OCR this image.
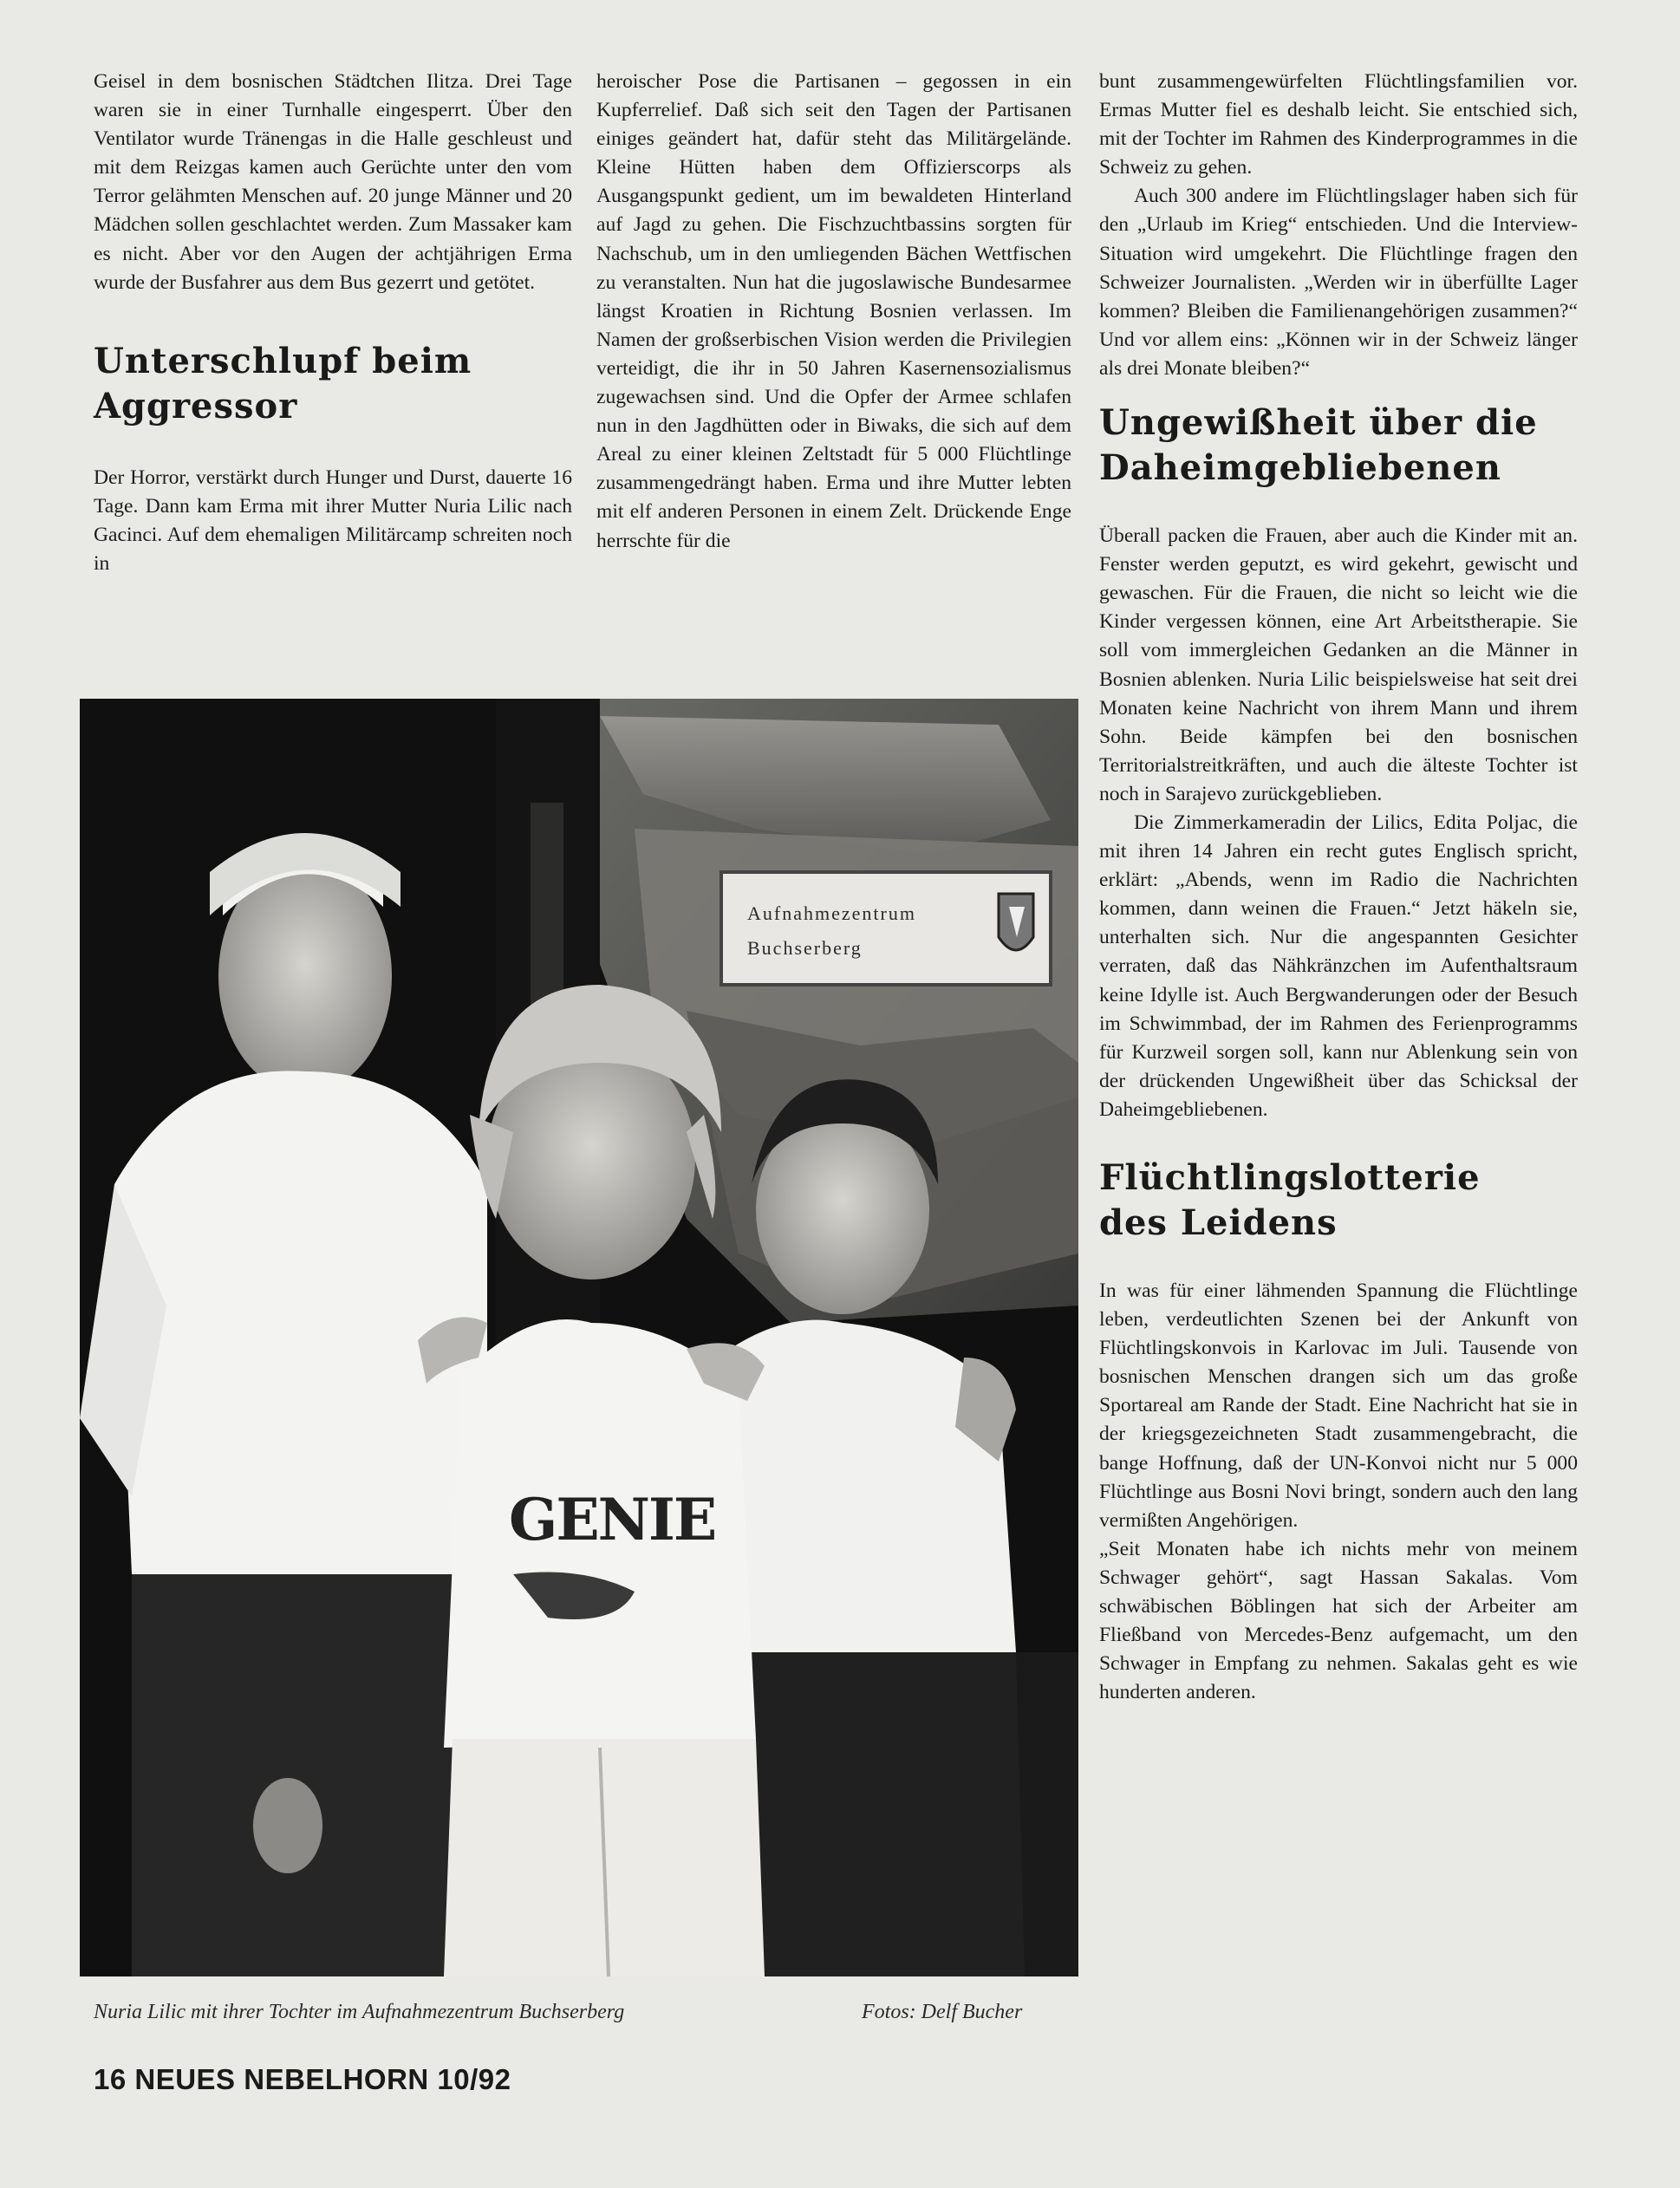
Geisel in dem bosnischen Städtchen Ilitza. Drei Tage waren sie in einer Turnhalle eingesperrt. Über den Ventilator wurde Tränengas in die Halle geschleust und mit dem Reizgas kamen auch Gerüchte unter den vom Terror gelähmten Menschen auf. 20 junge Männer und 20 Mädchen sollen geschlachtet werden. Zum Massaker kam es nicht. Aber vor den Augen der achtjährigen Erma wurde der Busfahrer aus dem Bus gezerrt und getötet.

Unterschlupf beim
Aggressor

Der Horror, verstärkt durch Hunger und Durst, dauerte 16 Tage. Dann kam Erma mit ihrer Mutter Nuria Lilic nach Gacinci. Auf dem ehemaligen Militärcamp schreiten noch in

heroischer Pose die Partisanen – gegossen in ein Kupferrelief. Daß sich seit den Tagen der Partisanen einiges geändert hat, dafür steht das Militärgelände. Kleine Hütten haben dem Offizierscorps als Ausgangspunkt gedient, um im bewaldeten Hinterland auf Jagd zu gehen. Die Fischzuchtbassins sorgten für Nachschub, um in den umliegenden Bächen Wettfischen zu veranstalten. Nun hat die jugoslawische Bundesarmee längst Kroatien in Richtung Bosnien verlassen. Im Namen der großserbischen Vision werden die Privilegien verteidigt, die ihr in 50 Jahren Kasernensozialismus zugewachsen sind. Und die Opfer der Armee schlafen nun in den Jagdhütten oder in Biwaks, die sich auf dem Areal zu einer kleinen Zeltstadt für 5 000 Flüchtlinge zusammengedrängt haben. Erma und ihre Mutter lebten mit elf anderen Personen in einem Zelt. Drückende Enge herrschte für die

bunt zusammengewürfelten Flüchtlingsfamilien vor. Ermas Mutter fiel es deshalb leicht. Sie entschied sich, mit der Tochter im Rahmen des Kinderprogrammes in die Schweiz zu gehen.

Auch 300 andere im Flüchtlingslager haben sich für den „Urlaub im Krieg“ entschieden. Und die Interview-Situation wird umgekehrt. Die Flüchtlinge fragen den Schweizer Journalisten. „Werden wir in überfüllte Lager kommen? Bleiben die Familienangehörigen zusammen?“ Und vor allem eins: „Können wir in der Schweiz länger als drei Monate bleiben?“

Ungewißheit über die
Daheimgebliebenen

Überall packen die Frauen, aber auch die Kinder mit an. Fenster werden geputzt, es wird gekehrt, gewischt und gewaschen. Für die Frauen, die nicht so leicht wie die Kinder vergessen können, eine Art Arbeitstherapie. Sie soll vom immergleichen Gedanken an die Männer in Bosnien ablenken. Nuria Lilic beispielsweise hat seit drei Monaten keine Nachricht von ihrem Mann und ihrem Sohn. Beide kämpfen bei den bosnischen Territorialstreitkräften, und auch die älteste Tochter ist noch in Sarajevo zurückgeblieben.

Die Zimmerkameradin der Lilics, Edita Poljac, die mit ihren 14 Jahren ein recht gutes Englisch spricht, erklärt: „Abends, wenn im Radio die Nachrichten kommen, dann weinen die Frauen.“ Jetzt häkeln sie, unterhalten sich. Nur die angespannten Gesichter verraten, daß das Nähkränzchen im Aufenthaltsraum keine Idylle ist. Auch Bergwanderungen oder der Besuch im Schwimmbad, der im Rahmen des Ferienprogramms für Kurzweil sorgen soll, kann nur Ablenkung sein von der drückenden Ungewißheit über das Schicksal der Daheimgebliebenen.

Flüchtlingslotterie
des Leidens

In was für einer lähmenden Spannung die Flüchtlinge leben, verdeutlichten Szenen bei der Ankunft von Flüchtlingskonvois in Karlovac im Juli. Tausende von bosnischen Menschen drangen sich um das große Sportareal am Rande der Stadt. Eine Nachricht hat sie in der kriegsgezeichneten Stadt zusammengebracht, die bange Hoffnung, daß der UN-Konvoi nicht nur 5 000 Flüchtlinge aus Bosni Novi bringt, sondern auch den lang vermißten Angehörigen.

„Seit Monaten habe ich nichts mehr von meinem Schwager gehört“, sagt Hassan Sakalas. Vom schwäbischen Böblingen hat sich der Arbeiter am Fließband von Mercedes-Benz aufgemacht, um den Schwager in Empfang zu nehmen. Sakalas geht es wie hunderten anderen.

Aufnahmezentrum
Buchserberg
GENIE
Nuria Lilic mit ihrer Tochter im Aufnahmezentrum Buchserberg	Fotos: Delf Bucher
16 NEUES NEBELHORN 10/92
